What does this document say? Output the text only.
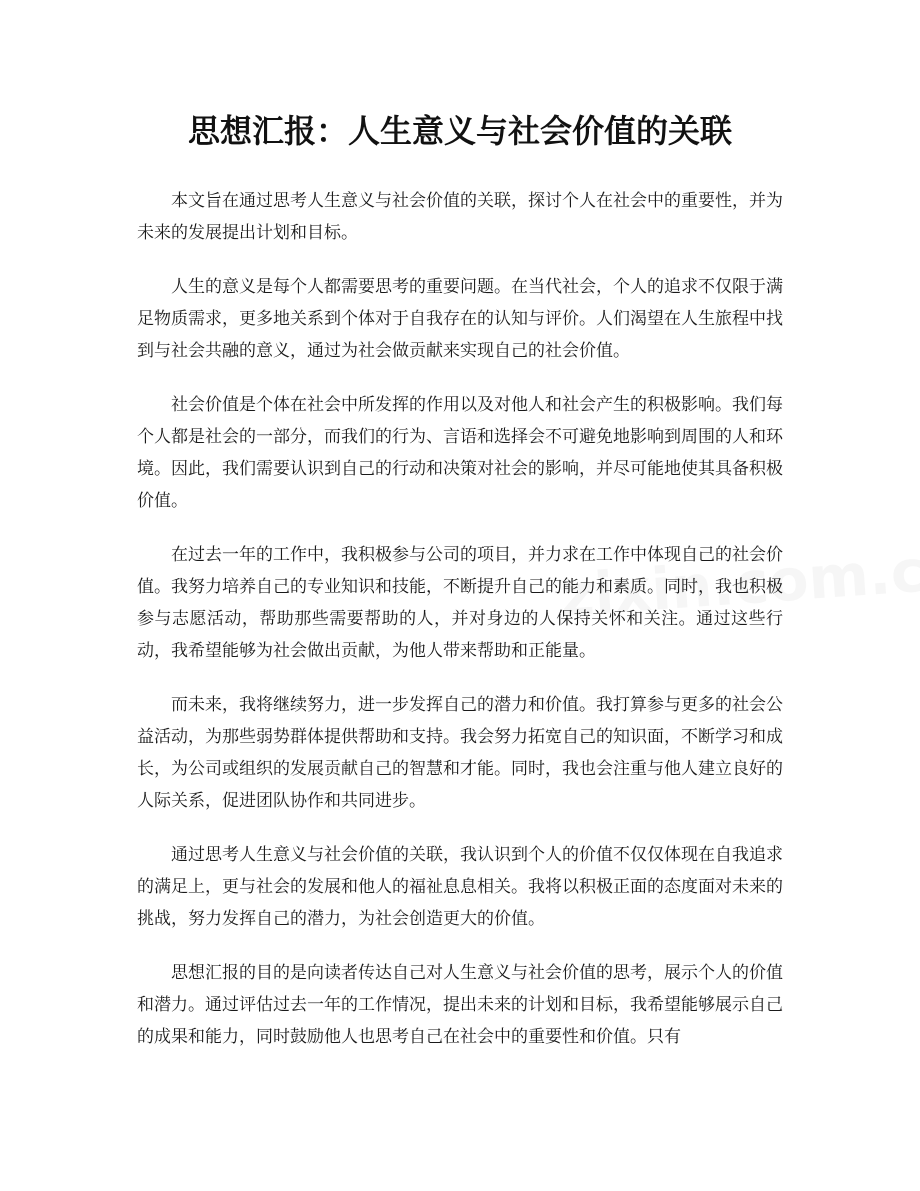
思想汇报：人生意义与社会价值的关联

本文旨在通过思考人生意义与社会价值的关联，探讨个人在社会中的重要性，并为未来的发展提出计划和目标。

人生的意义是每个人都需要思考的重要问题。在当代社会，个人的追求不仅限于满足物质需求，更多地关系到个体对于自我存在的认知与评价。人们渴望在人生旅程中找到与社会共融的意义，通过为社会做贡献来实现自己的社会价值。

社会价值是个体在社会中所发挥的作用以及对他人和社会产生的积极影响。我们每个人都是社会的一部分，而我们的行为、言语和选择会不可避免地影响到周围的人和环境。因此，我们需要认识到自己的行动和决策对社会的影响，并尽可能地使其具备积极价值。

在过去一年的工作中，我积极参与公司的项目，并力求在工作中体现自己的社会价值。我努力培养自己的专业知识和技能，不断提升自己的能力和素质。同时，我也积极参与志愿活动，帮助那些需要帮助的人，并对身边的人保持关怀和关注。通过这些行动，我希望能够为社会做出贡献，为他人带来帮助和正能量。

而未来，我将继续努力，进一步发挥自己的潜力和价值。我打算参与更多的社会公益活动，为那些弱势群体提供帮助和支持。我会努力拓宽自己的知识面，不断学习和成长，为公司或组织的发展贡献自己的智慧和才能。同时，我也会注重与他人建立良好的人际关系，促进团队协作和共同进步。

通过思考人生意义与社会价值的关联，我认识到个人的价值不仅仅体现在自我追求的满足上，更与社会的发展和他人的福祉息息相关。我将以积极正面的态度面对未来的挑战，努力发挥自己的潜力，为社会创造更大的价值。

思想汇报的目的是向读者传达自己对人生意义与社会价值的思考，展示个人的价值和潜力。通过评估过去一年的工作情况，提出未来的计划和目标，我希望能够展示自己的成果和能力，同时鼓励他人也思考自己在社会中的重要性和价值。只有
